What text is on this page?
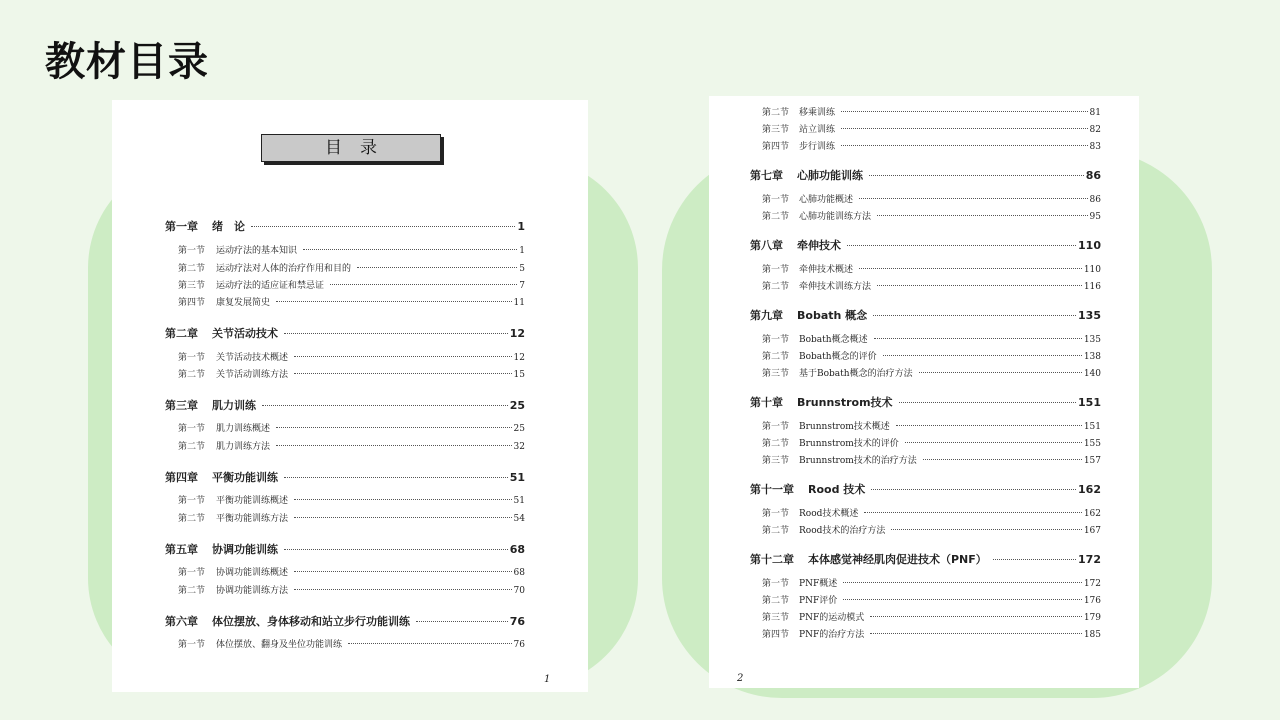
教材目录
目录
1
第一章 绪　论	1
第一节 运动疗法的基本知识	1
第二节 运动疗法对人体的治疗作用和目的	5
第三节 运动疗法的适应证和禁忌证	7
第四节 康复发展简史	11
第二章 关节活动技术	12
第一节 关节活动技术概述	12
第二节 关节活动训练方法	15
第三章 肌力训练	25
第一节 肌力训练概述	25
第二节 肌力训练方法	32
第四章 平衡功能训练	51
第一节 平衡功能训练概述	51
第二节 平衡功能训练方法	54
第五章 协调功能训练	68
第一节 协调功能训练概述	68
第二节 协调功能训练方法	70
第六章 体位摆放、身体移动和站立步行功能训练	76
第一节 体位摆放、翻身及坐位功能训练	76
2
第二节 移乘训练	81
第三节 站立训练	82
第四节 步行训练	83
第七章 心肺功能训练	86
第一节 心肺功能概述	86
第二节 心肺功能训练方法	95
第八章 牵伸技术	110
第一节 牵伸技术概述	110
第二节 牵伸技术训练方法	116
第九章 Bobath 概念	135
第一节 Bobath概念概述	135
第二节 Bobath概念的评价	138
第三节 基于Bobath概念的治疗方法	140
第十章 Brunnstrom技术	151
第一节 Brunnstrom技术概述	151
第二节 Brunnstrom技术的评价	155
第三节 Brunnstrom技术的治疗方法	157
第十一章 Rood 技术	162
第一节 Rood技术概述	162
第二节 Rood技术的治疗方法	167
第十二章 本体感觉神经肌肉促进技术（PNF）	172
第一节 PNF概述	172
第二节 PNF评价	176
第三节 PNF的运动模式	179
第四节 PNF的治疗方法	185
